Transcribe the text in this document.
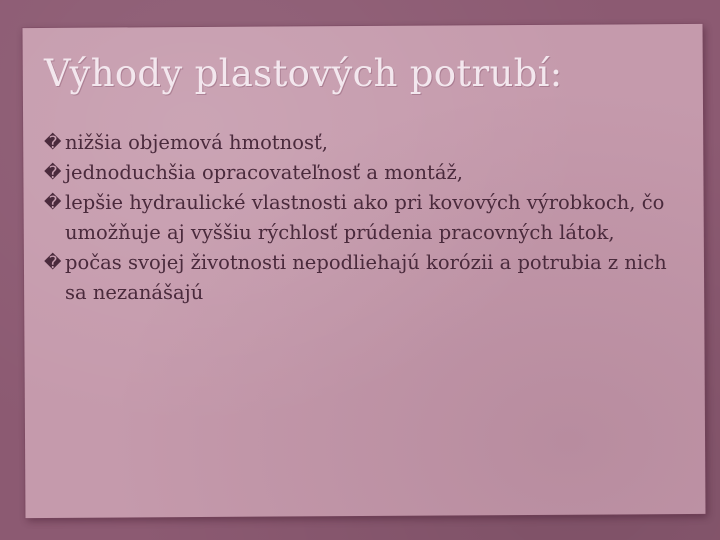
Výhody plastových potrubí:
� nižšia objemová hmotnosť,
� jednoduchšia opracovateľnosť a montáž,
� lepšie hydraulické vlastnosti ako pri kovových výrobkoch, čo umožňuje aj vyššiu rýchlosť prúdenia pracovných látok,
� počas svojej životnosti nepodliehajú korózii a potrubia z nich sa nezanášajú
